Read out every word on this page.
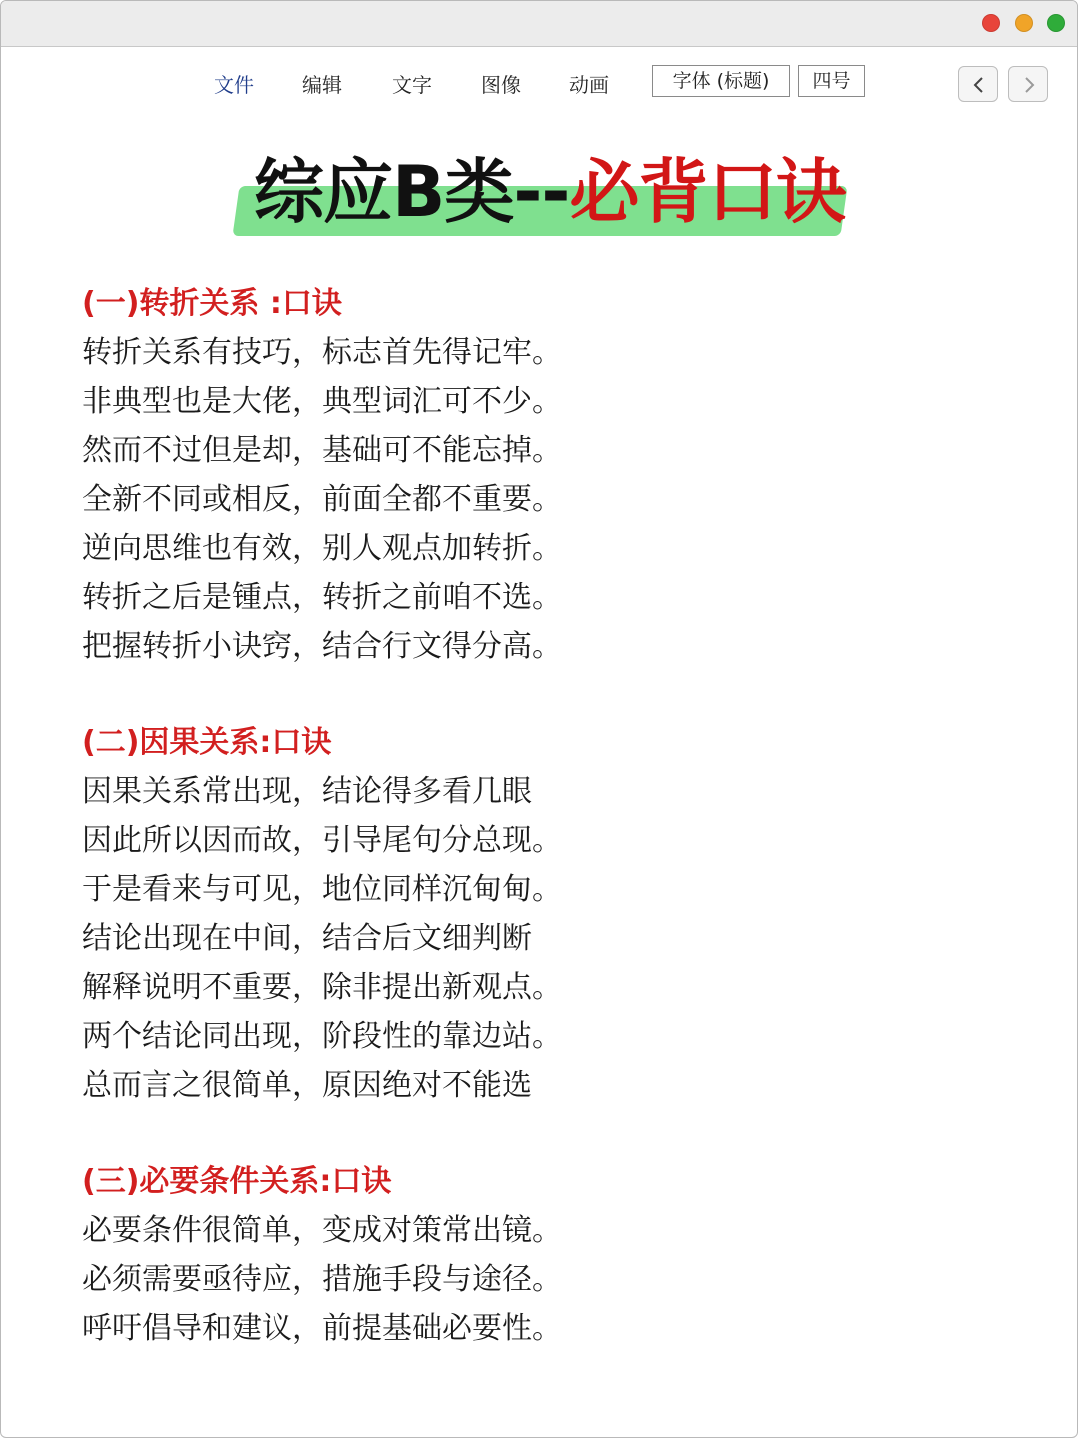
文件 编辑	文字 图像 动画	字体 (标题)	四号
综应B类--必背口诀
(一)转折关系 :口诀
转折关系有技巧，标志首先得记牢。
非典型也是大佬，典型词汇可不少。
然而不过但是却，基础可不能忘掉。
全新不同或相反，前面全都不重要。
逆向思维也有效，别人观点加转折。
转折之后是锺点，转折之前咱不选。
把握转折小诀窍，结合行文得分高。
(二)因果关系:口诀
因果关系常出现，结论得多看几眼
因此所以因而故，引导尾句分总现。
于是看来与可见，地位同样沉甸甸。
结论出现在中间，结合后文细判断
解释说明不重要，除非提出新观点。
两个结论同出现，阶段性的靠边站。
总而言之很简单，原因绝对不能选
(三)必要条件关系:口诀
必要条件很简单，变成对策常出镜。
必须需要亟待应，措施手段与途径。
呼吁倡导和建议，前提基础必要性。
